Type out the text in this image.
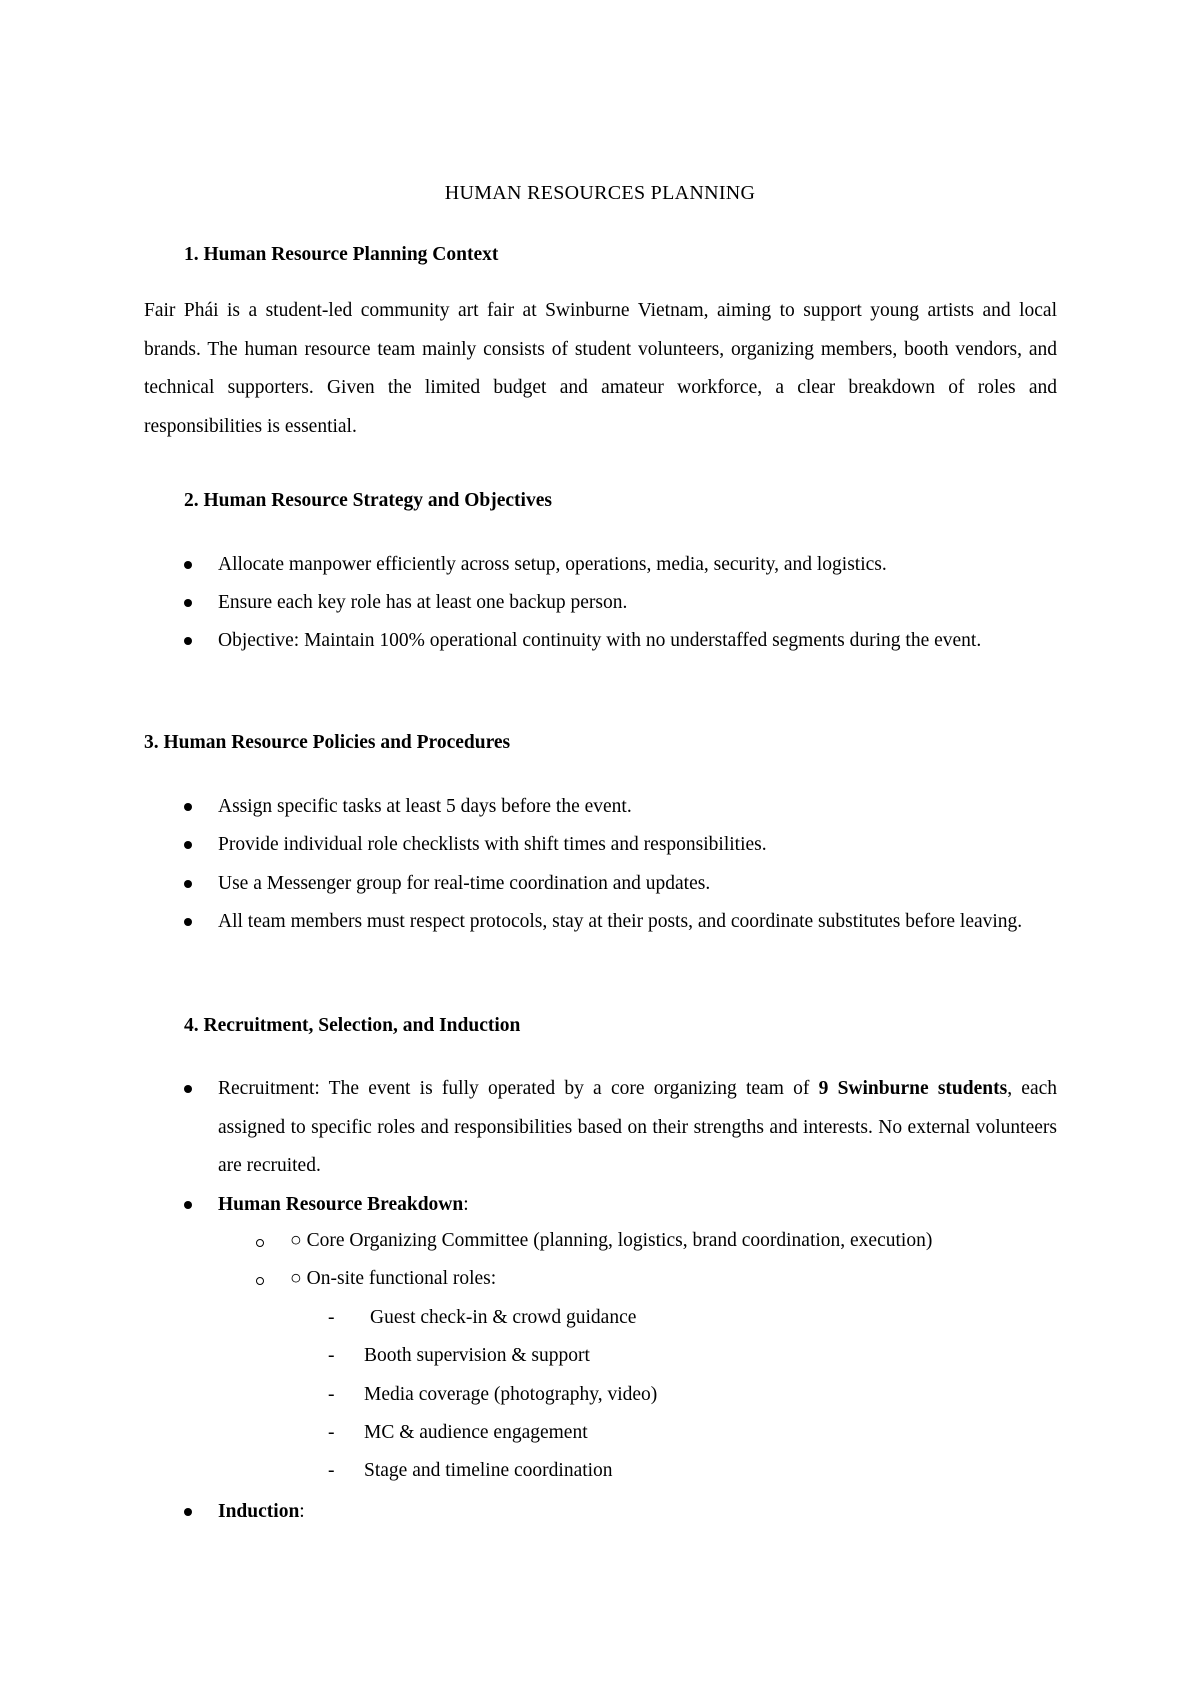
HUMAN RESOURCES PLANNING
1. Human Resource Planning Context
Fair Phái is a student-led community art fair at Swinburne Vietnam, aiming to support young artists and local brands. The human resource team mainly consists of student volunteers, organizing members, booth vendors, and technical supporters. Given the limited budget and amateur workforce, a clear breakdown of roles and responsibilities is essential.
2. Human Resource Strategy and Objectives
Allocate manpower efficiently across setup, operations, media, security, and logistics.
Ensure each key role has at least one backup person.
Objective: Maintain 100% operational continuity with no understaffed segments during the event.
3. Human Resource Policies and Procedures
Assign specific tasks at least 5 days before the event.
Provide individual role checklists with shift times and responsibilities.
Use a Messenger group for real-time coordination and updates.
All team members must respect protocols, stay at their posts, and coordinate substitutes before leaving.
4. Recruitment, Selection, and Induction
Recruitment: The event is fully operated by a core organizing team of 9 Swinburne students, each assigned to specific roles and responsibilities based on their strengths and interests. No external volunteers are recruited.
Human Resource Breakdown:
○ Core Organizing Committee (planning, logistics, brand coordination, execution)
○ On-site functional roles:
- Guest check-in & crowd guidance
- Booth supervision & support
- Media coverage (photography, video)
- MC & audience engagement
- Stage and timeline coordination
Induction:
